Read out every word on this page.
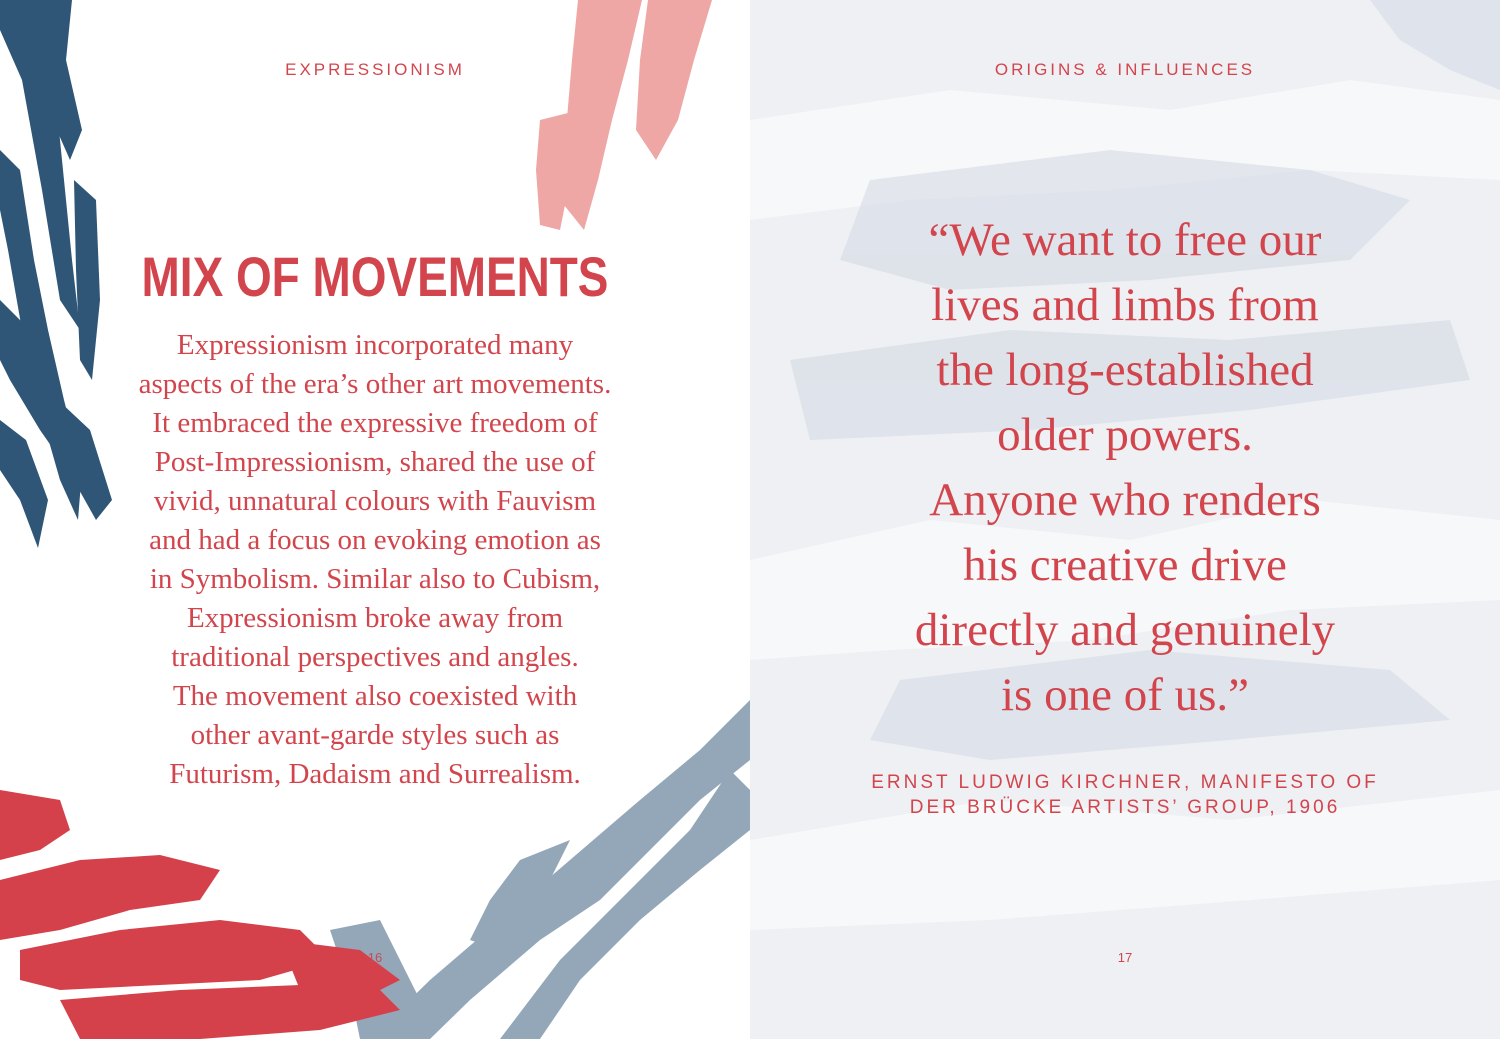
EXPRESSIONISM
MIX OF MOVEMENTS

Expressionism incorporated many
aspects of the era’s other art movements.
It embraced the expressive freedom of
Post-Impressionism, shared the use of
vivid, unnatural colours with Fauvism
and had a focus on evoking emotion as
in Symbolism. Similar also to Cubism,
Expressionism broke away from
traditional perspectives and angles.
The movement also coexisted with
other avant-garde styles such as
Futurism, Dadaism and Surrealism.

16
ORIGINS & INFLUENCES

“We want to free our
lives and limbs from
the long-established
older powers.
Anyone who renders
his creative drive
directly and genuinely
is one of us.”

ERNST LUDWIG KIRCHNER, MANIFESTO OF
DER BRÜCKE ARTISTS’ GROUP, 1906

17
